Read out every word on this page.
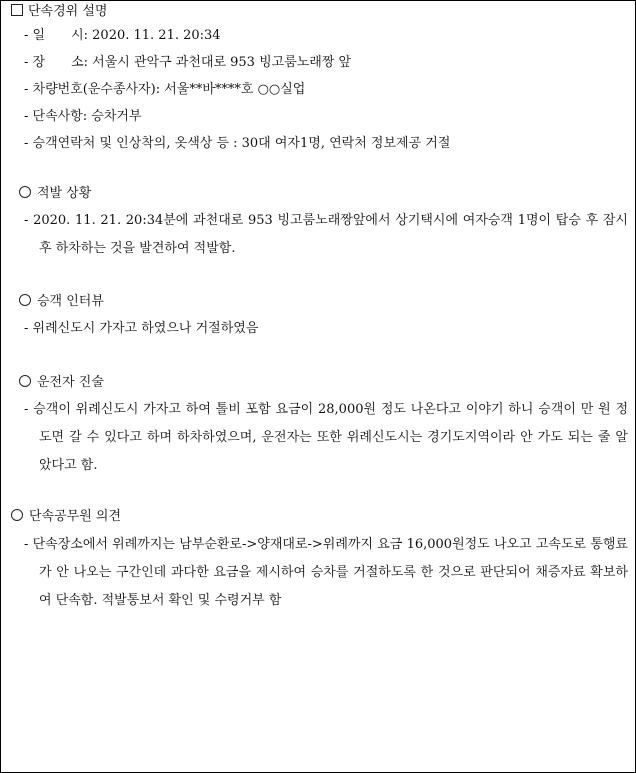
단속경위 설명
- 일　　시: 2020. 11. 21. 20:34
- 장　　소: 서울시 관악구 과천대로 953 빙고룸노래짱 앞
- 차량번호(운수종사자): 서울**바****호 ○○실업
- 단속사항: 승차거부
- 승객연락처 및 인상착의, 옷색상 등 : 30대 여자1명, 연락처 정보제공 거절
적발 상황
- 2020. 11. 21. 20:34분에 과천대로 953 빙고룸노래짱앞에서 상기택시에 여자승객 1명이 탑승 후 잠시 후 하차하는 것을 발견하여 적발함.
승객 인터뷰
- 위례신도시 가자고 하였으나 거절하였음
운전자 진술
- 승객이 위례신도시 가자고 하여 톨비 포함 요금이 28,000원 정도 나온다고 이야기 하니 승객이 만 원 정도면 갈 수 있다고 하며 하차하였으며, 운전자는 또한 위례신도시는 경기도지역이라 안 가도 되는 줄 알았다고 함.
단속공무원 의견
- 단속장소에서 위례까지는 남부순환로->양재대로->위례까지 요금 16,000원정도 나오고 고속도로 통행료가 안 나오는 구간인데 과다한 요금을 제시하여 승차를 거절하도록 한 것으로 판단되어 채증자료 확보하여 단속함. 적발통보서 확인 및 수령거부 함
